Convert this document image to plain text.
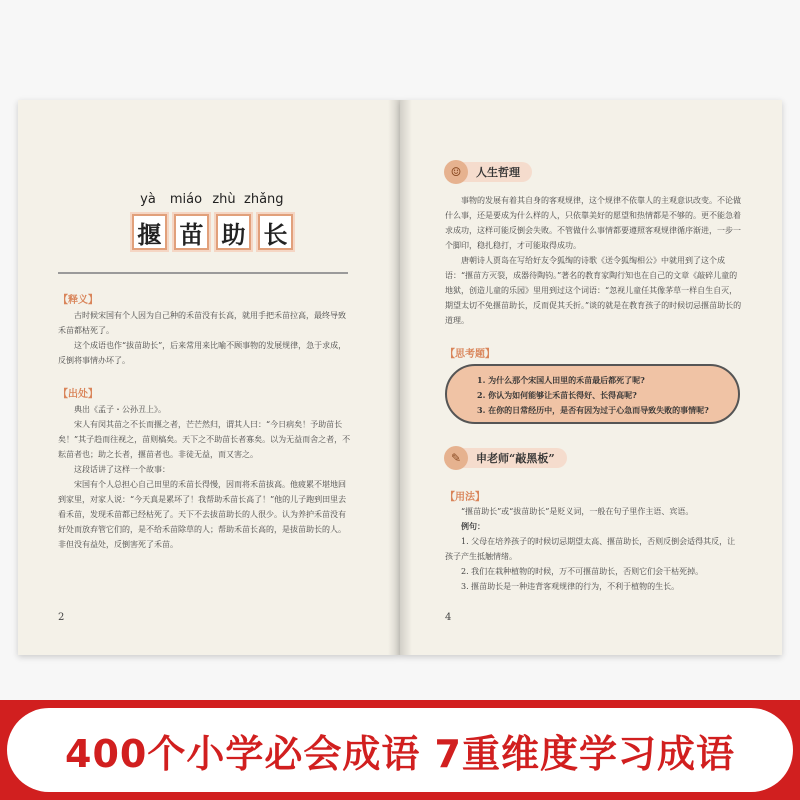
yà	miáo zhù zhǎng
揠 苗 助 长
【释义】

古时候宋国有个人因为自己种的禾苗没有长高，就用手把禾苗拉高，最终导致禾苗都枯死了。

这个成语也作“拔苗助长”，后来常用来比喻不顾事物的发展规律，急于求成，反倒将事情办坏了。

【出处】

典出《孟子・公孙丑上》。

宋人有闵其苗之不长而揠之者，芒芒然归，谓其人曰：“今日病矣！予助苗长矣！”其子趋而往视之，苗则槁矣。天下之不助苗长者寡矣。以为无益而舍之者，不耘苗者也；助之长者，揠苗者也。非徒无益，而又害之。

这段话讲了这样一个故事：

宋国有个人总担心自己田里的禾苗长得慢，因而将禾苗拔高。他疲累不堪地回到家里，对家人说：“今天真是累坏了！我帮助禾苗长高了！”他的儿子跑到田里去看禾苗，发现禾苗都已经枯死了。天下不去拔苗助长的人很少。认为养护禾苗没有好处而放弃管它们的，是不给禾苗除草的人；帮助禾苗长高的，是拔苗助长的人。非但没有益处，反倒害死了禾苗。

2
☺	人生哲理

事物的发展有着其自身的客观规律，这个规律不依靠人的主观意识改变。不论做什么事，还是要成为什么样的人，只依靠美好的愿望和热情都是不够的。更不能急着求成功，这样可能反倒会失败。不管做什么事情都要遵照客观规律循序渐进，一步一个脚印，稳扎稳打，才可能取得成功。

唐朝诗人贾岛在写给好友令狐绹的诗歌《送令狐绹相公》中就用到了这个成语：“揠苗方灭裂，成器待陶钧。”著名的教育家陶行知也在自己的文章《敲碎儿童的地狱，创造儿童的乐园》里用到过这个词语：“忽视儿童任其像茅草一样自生自灭，期望太切不免揠苗助长，反而促其夭折。”谈的就是在教育孩子的时候切忌揠苗助长的道理。

【思考题】

1. 为什么那个宋国人田里的禾苗最后都死了呢?

2. 你认为如何能够让禾苗长得好、长得高呢?

3. 在你的日常经历中，是否有因为过于心急而导致失败的事情呢?

✎	申老师“敲黑板”
【用法】

“揠苗助长”或“拔苗助长”是贬义词，一般在句子里作主语、宾语。

例句：

1. 父母在培养孩子的时候切忌期望太高、揠苗助长，否则反倒会适得其反，让孩子产生抵触情绪。

2. 我们在栽种植物的时候，万不可揠苗助长，否则它们会干枯死掉。

3. 揠苗助长是一种违背客观规律的行为，不利于植物的生长。

4
400个小学必会成语 7重维度学习成语
